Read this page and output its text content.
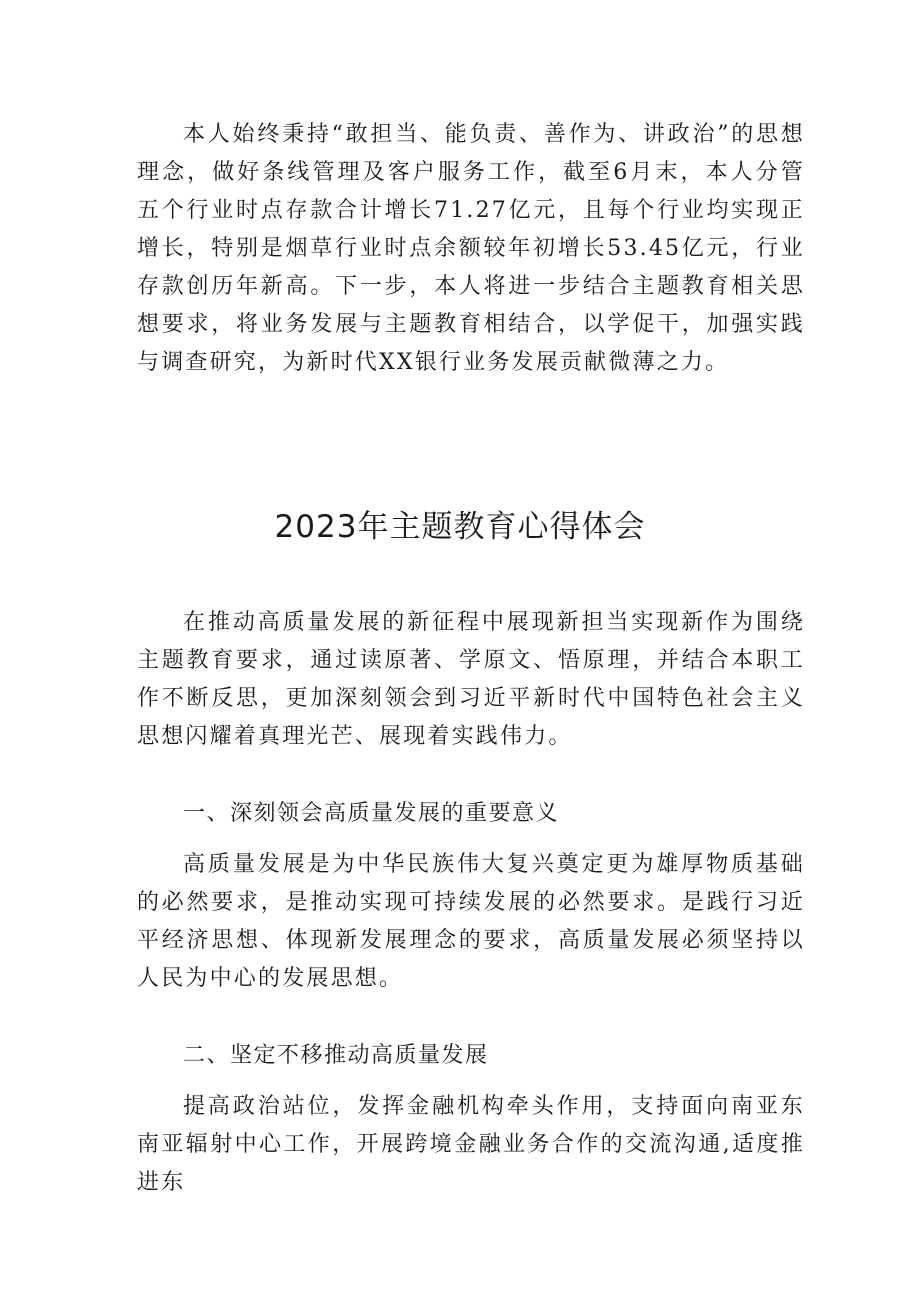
本人始终秉持“敢担当、能负责、善作为、讲政治”的思想理念，做好条线管理及客户服务工作，截至6月末，本人分管五个行业时点存款合计增长71.27亿元，且每个行业均实现正增长，特别是烟草行业时点余额较年初增长53.45亿元，行业存款创历年新高。下一步，本人将进一步结合主题教育相关思想要求，将业务发展与主题教育相结合，以学促干，加强实践与调查研究，为新时代XX银行业务发展贡献微薄之力。

2023年主题教育心得体会

在推动高质量发展的新征程中展现新担当实现新作为围绕主题教育要求，通过读原著、学原文、悟原理，并结合本职工作不断反思，更加深刻领会到习近平新时代中国特色社会主义思想闪耀着真理光芒、展现着实践伟力。

一、深刻领会高质量发展的重要意义

高质量发展是为中华民族伟大复兴奠定更为雄厚物质基础的必然要求，是推动实现可持续发展的必然要求。是践行习近平经济思想、体现新发展理念的要求，高质量发展必须坚持以人民为中心的发展思想。

二、坚定不移推动高质量发展

提高政治站位，发挥金融机构牵头作用，支持面向南亚东南亚辐射中心工作，开展跨境金融业务合作的交流沟通,适度推进东
